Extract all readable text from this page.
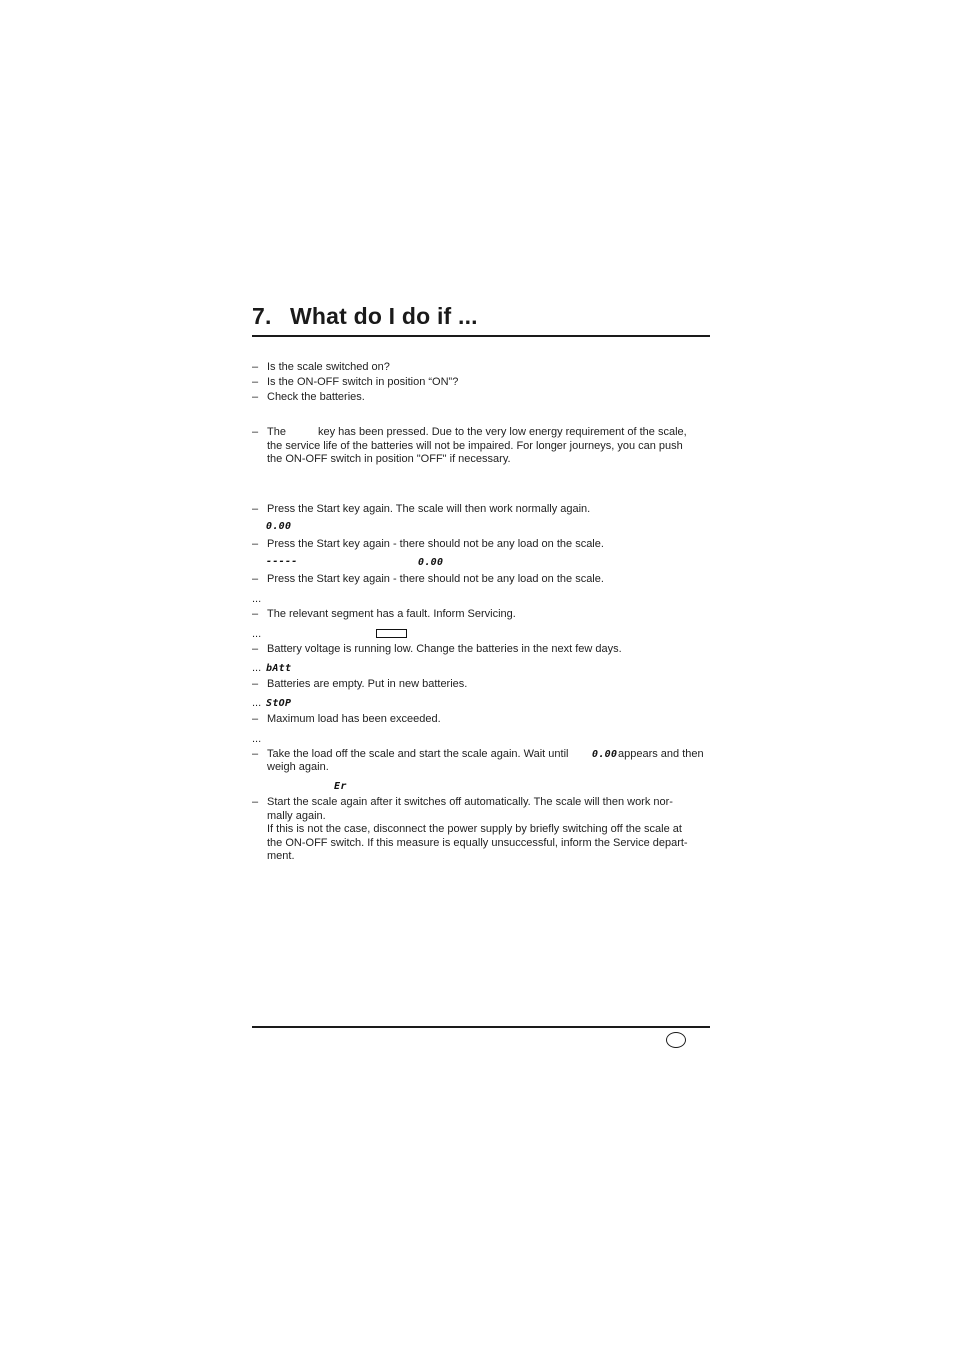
7. What do I do if ...
– Is the scale switched on?
– Is the ON-OFF switch in position “ON”?
– Check the batteries.
– The	key has been pressed. Due to the very low energy requirement of the scale,
the service life of the batteries will not be impaired. For longer journeys, you can push
the ON-OFF switch in position "OFF" if necessary.
– Press the Start key again. The scale will then work normally again.
0.00
– Press the Start key again - there should not be any load on the scale.
-----	0.00
– Press the Start key again - there should not be any load on the scale.
...
– The relevant segment has a fault. Inform Servicing.
...
– Battery voltage is running low. Change the batteries in the next few days.
... bAtt
– Batteries are empty. Put in new batteries.
... StOP
– Maximum load has been exceeded.
...
– Take the load off the scale and start the scale again. Wait until	appears and then
0.00
weigh again.
Er
– Start the scale again after it switches off automatically. The scale will then work nor-
mally again.
If this is not the case, disconnect the power supply by briefly switching off the scale at
the ON-OFF switch. If this measure is equally unsuccessful, inform the Service depart-
ment.
